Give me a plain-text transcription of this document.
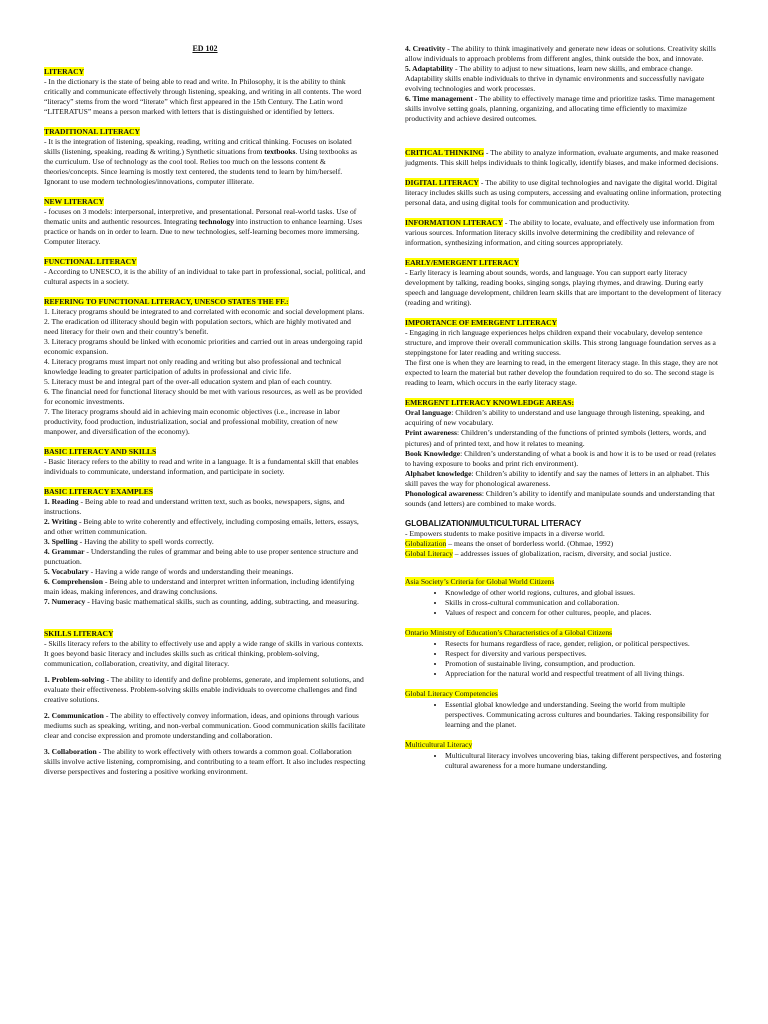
ED 102

LITERACY

- In the dictionary is the state of being able to read and write. In Philosophy, it is the ability to think critically and communicate effectively through listening, speaking, and writing in all contents. The word “literacy” stems from the word “literate” which first appeared in the 15th Century. The Latin word “LITERATUS” means a person marked with letters that is distinguished or identified by letters.

TRADITIONAL LITERACY

- It is the integration of listening, speaking, reading, writing and critical thinking. Focuses on isolated skills (listening, speaking, reading & writing.) Synthetic situations from textbooks. Using textbooks as the curriculum. Use of technology as the cool tool. Relies too much on the lessons content & theories/concepts. Since learning is mostly text centered, the students tend to learn by him/herself. Ignorant to use modern technologies/innovations, computer illiterate.

NEW LITERACY

- focuses on 3 models: interpersonal, interpretive, and presentational. Personal real-world tasks. Use of thematic units and authentic resources. Integrating technology into instruction to enhance learning. Uses practice or hands on in order to learn. Due to new technologies, self-learning becomes more immersing. Computer literacy.

FUNCTIONAL LITERACY

- According to UNESCO, it is the ability of an individual to take part in professional, social, political, and cultural aspects in a society.

REFERING TO FUNCTIONAL LITERACY, UNESCO STATES THE FF.:

1. Literacy programs should be integrated to and correlated with economic and social development plans.

2. The eradication od illiteracy should begin with population sectors, which are highly motivated and need literacy for their own and their country’s benefit.

3. Literacy programs should be linked with economic priorities and carried out in areas undergoing rapid economic expansion.

4. Literacy programs must impart not only reading and writing but also professional and technical knowledge leading to greater participation of adults in professional and civic life.

5. Literacy must be and integral part of the over-all education system and plan of each country.

6. The financial need for functional literacy should be met with various resources, as well as be provided for economic investments.

7. The literacy programs should aid in achieving main economic objectives (i.e., increase in labor productivity, food production, industrialization, social and professional mobility, creation of new manpower, and diversification of the economy).

BASIC LITERACY AND SKILLS

- Basic literacy refers to the ability to read and write in a language. It is a fundamental skill that enables individuals to communicate, understand information, and participate in society.

BASIC LITERACY EXAMPLES

1. Reading - Being able to read and understand written text, such as books, newspapers, signs, and instructions.

2. Writing - Being able to write coherently and effectively, including composing emails, letters, essays, and other written communication.

3. Spelling - Having the ability to spell words correctly.

4. Grammar - Understanding the rules of grammar and being able to use proper sentence structure and punctuation.

5. Vocabulary - Having a wide range of words and understanding their meanings.

6. Comprehension - Being able to understand and interpret written information, including identifying main ideas, making inferences, and drawing conclusions.

7. Numeracy - Having basic mathematical skills, such as counting, adding, subtracting, and measuring.

SKILLS LITERACY

- Skills literacy refers to the ability to effectively use and apply a wide range of skills in various contexts. It goes beyond basic literacy and includes skills such as critical thinking, problem-solving, communication, collaboration, creativity, and digital literacy.

1. Problem-solving - The ability to identify and define problems, generate, and implement solutions, and evaluate their effectiveness. Problem-solving skills enable individuals to overcome challenges and find creative solutions.

2. Communication - The ability to effectively convey information, ideas, and opinions through various mediums such as speaking, writing, and non-verbal communication. Good communication skills facilitate clear and concise expression and promote understanding and collaboration.

3. Collaboration - The ability to work effectively with others towards a common goal. Collaboration skills involve active listening, compromising, and contributing to a team effort. It also includes respecting diverse perspectives and fostering a positive working environment.

4. Creativity - The ability to think imaginatively and generate new ideas or solutions. Creativity skills allow individuals to approach problems from different angles, think outside the box, and innovate.

5. Adaptability - The ability to adjust to new situations, learn new skills, and embrace change. Adaptability skills enable individuals to thrive in dynamic environments and successfully navigate evolving technologies and work processes.

6. Time management - The ability to effectively manage time and prioritize tasks. Time management skills involve setting goals, planning, organizing, and allocating time efficiently to maximize productivity and achieve desired outcomes.

CRITICAL THINKING - The ability to analyze information, evaluate arguments, and make reasoned judgments. This skill helps individuals to think logically, identify biases, and make informed decisions.

DIGITAL LITERACY - The ability to use digital technologies and navigate the digital world. Digital literacy includes skills such as using computers, accessing and evaluating online information, protecting personal data, and using digital tools for communication and productivity.

INFORMATION LITERACY - The ability to locate, evaluate, and effectively use information from various sources. Information literacy skills involve determining the credibility and relevance of information, synthesizing information, and citing sources appropriately.

EARLY/EMERGENT LITERACY

- Early literacy is learning about sounds, words, and language. You can support early literacy development by talking, reading books, singing songs, playing rhymes, and drawing. During early speech and language development, children learn skills that are important to the development of literacy (reading and writing).

IMPORTANCE OF EMERGENT LITERACY

- Engaging in rich language experiences helps children expand their vocabulary, develop sentence structure, and improve their overall communication skills. This strong language foundation serves as a steppingstone for later reading and writing success.

The first one is when they are learning to read, in the emergent literacy stage. In this stage, they are not expected to learn the material but rather develop the foundation required to do so. The second stage is reading to learn, which occurs in the early literacy stage.

EMERGENT LITERACY KNOWLEDGE AREAS:

Oral language: Children’s ability to understand and use language through listening, speaking, and acquiring of new vocabulary.

Print awareness: Children’s understanding of the functions of printed symbols (letters, words, and pictures) and of printed text, and how it relates to meaning.

Book Knowledge: Children’s understanding of what a book is and how it is to be used or read (relates to having exposure to books and print rich environment).

Alphabet knowledge: Children’s ability to identify and say the names of letters in an alphabet. This skill paves the way for phonological awareness.

Phonological awareness: Children’s ability to identify and manipulate sounds and understanding that sounds (and letters) are combined to make words.

GLOBALIZATION/MULTICULTURAL LITERACY

- Empowers students to make positive impacts in a diverse world.

Globalization – means the onset of borderless world. (Ohmae, 1992)

Global Literacy – addresses issues of globalization, racism, diversity, and social justice.

Asia Society’s Criteria for Global World Citizens

• Knowledge of other world regions, cultures, and global issues.
• Skills in cross-cultural communication and collaboration.
• Values of respect and concern for other cultures, people, and places.

Ontario Ministry of Education’s Characteristics of a Global Citizens

• Resects for humans regardless of race, gender, religion, or political perspectives.
• Respect for diversity and various perspectives.
• Promotion of sustainable living, consumption, and production.
• Appreciation for the natural world and respectful treatment of all living things.

Global Literacy Competencies

• Essential global knowledge and understanding. Seeing the world from multiple perspectives. Communicating across cultures and boundaries. Taking responsibility for learning and the planet.

Multicultural Literacy

• Multicultural literacy involves uncovering bias, taking different perspectives, and fostering cultural awareness for a more humane understanding.
